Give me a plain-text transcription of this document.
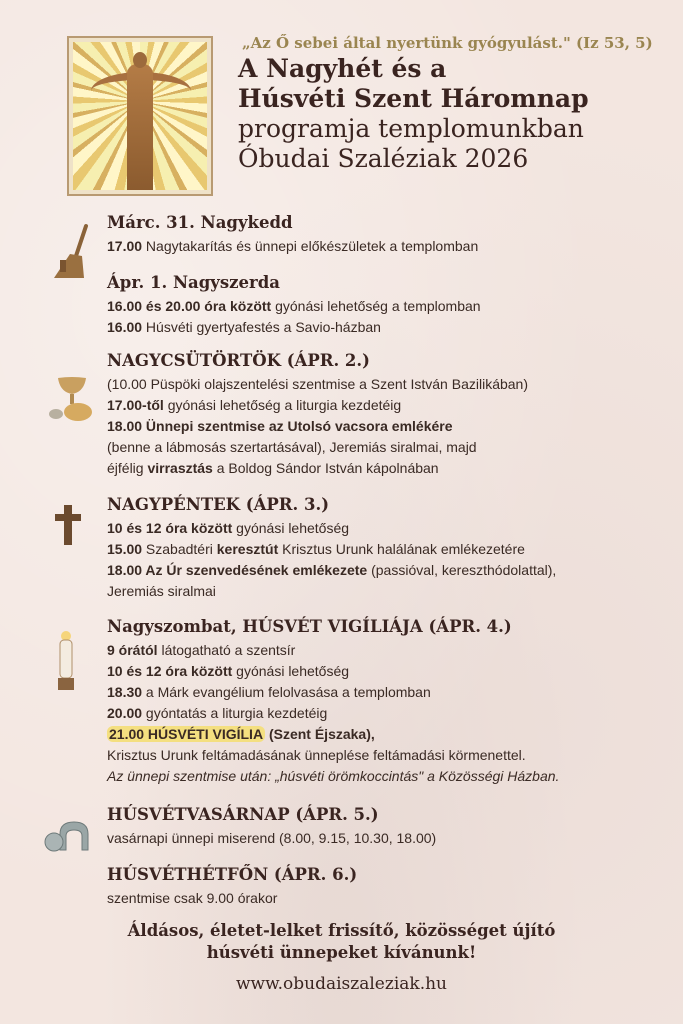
„Az Ő sebei által nyertünk gyógyulást." (Iz 53, 5)
A Nagyhét és a
Húsvéti Szent Háromnap
programja templomunkban
Óbudai Szaléziak 2026
Márc. 31. Nagykedd
17.00 Nagytakarítás és ünnepi előkészületek a templomban
Ápr. 1. Nagyszerda
16.00 és 20.00 óra között gyónási lehetőség a templomban
16.00 Húsvéti gyertyafestés a Savio-házban
NAGYCSÜTÖRTÖK (ÁPR. 2.)
(10.00 Püspöki olajszentelési szentmise a Szent István Bazilikában)
17.00-től gyónási lehetőség a liturgia kezdetéig
18.00 Ünnepi szentmise az Utolsó vacsora emlékére
(benne a lábmosás szertartásával), Jeremiás siralmai, majd
éjfélig virrasztás a Boldog Sándor István kápolnában
NAGYPÉNTEK (ÁPR. 3.)
10 és 12 óra között gyónási lehetőség
15.00 Szabadtéri keresztút Krisztus Urunk halálának emlékezetére
18.00 Az Úr szenvedésének emlékezete (passióval, kereszthódolattal),
Jeremiás siralmai
Nagyszombat, HÚSVÉT VIGÍLIÁJA (ÁPR. 4.)
9 órától látogatható a szentsír
10 és 12 óra között gyónási lehetőség
18.30 a Márk evangélium felolvasása a templomban
20.00 gyóntatás a liturgia kezdetéig
21.00 HÚSVÉTI VIGÍLIA (Szent Éjszaka),
Krisztus Urunk feltámadásának ünneplése feltámadási körmenettel.
Az ünnepi szentmise után: „húsvéti örömkoccintás" a Közösségi Házban.
HÚSVÉTVASÁRNAP (ÁPR. 5.)
vasárnapi ünnepi miserend (8.00, 9.15, 10.30, 18.00)
HÚSVÉTHÉTFŐN (ÁPR. 6.)
szentmise csak 9.00 órakor
Áldásos, életet-lelket frissítő, közösséget újító
húsvéti ünnepeket kívánunk!
www.obudaiszaleziak.hu
